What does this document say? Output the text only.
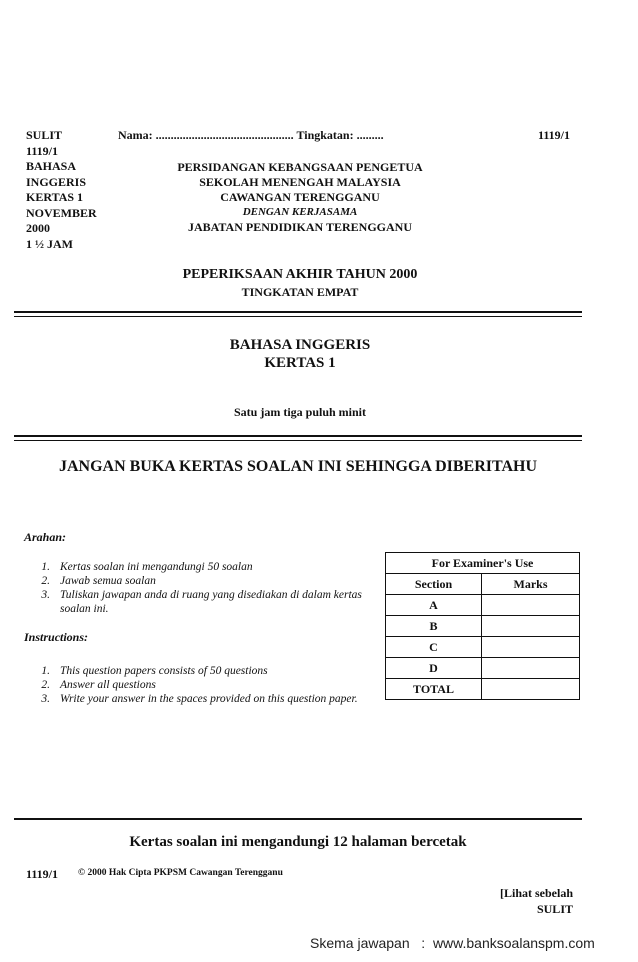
SULIT
1119/1
BAHASA
INGGERIS
KERTAS 1
NOVEMBER
2000
1 ½ JAM
Nama: .............................................. Tingkatan: .........	1119/1
PERSIDANGAN KEBANGSAAN PENGETUA
SEKOLAH MENENGAH MALAYSIA
CAWANGAN TERENGGANU
DENGAN KERJASAMA
JABATAN PENDIDIKAN TERENGGANU
PEPERIKSAAN AKHIR TAHUN 2000
TINGKATAN EMPAT
BAHASA INGGERIS
KERTAS 1
Satu jam tiga puluh minit
JANGAN BUKA KERTAS SOALAN INI SEHINGGA DIBERITAHU
Arahan:
1. Kertas soalan ini mengandungi 50 soalan
2. Jawab semua soalan
3. Tuliskan jawapan anda di ruang yang disediakan di dalam kertas soalan ini.
Instructions:
1. This question papers consists of 50 questions
2. Answer all questions
3. Write your answer in the spaces provided on this question paper.
For Examiner's Use	
Section	Marks
A	
B	
C	
D	
TOTAL	
Kertas soalan ini mengandungi 12 halaman bercetak
1119/1 © 2000 Hak Cipta PKPSM Cawangan Terengganu
[Lihat sebelah
SULIT
Skema jawapan   :  www.banksoalanspm.com
